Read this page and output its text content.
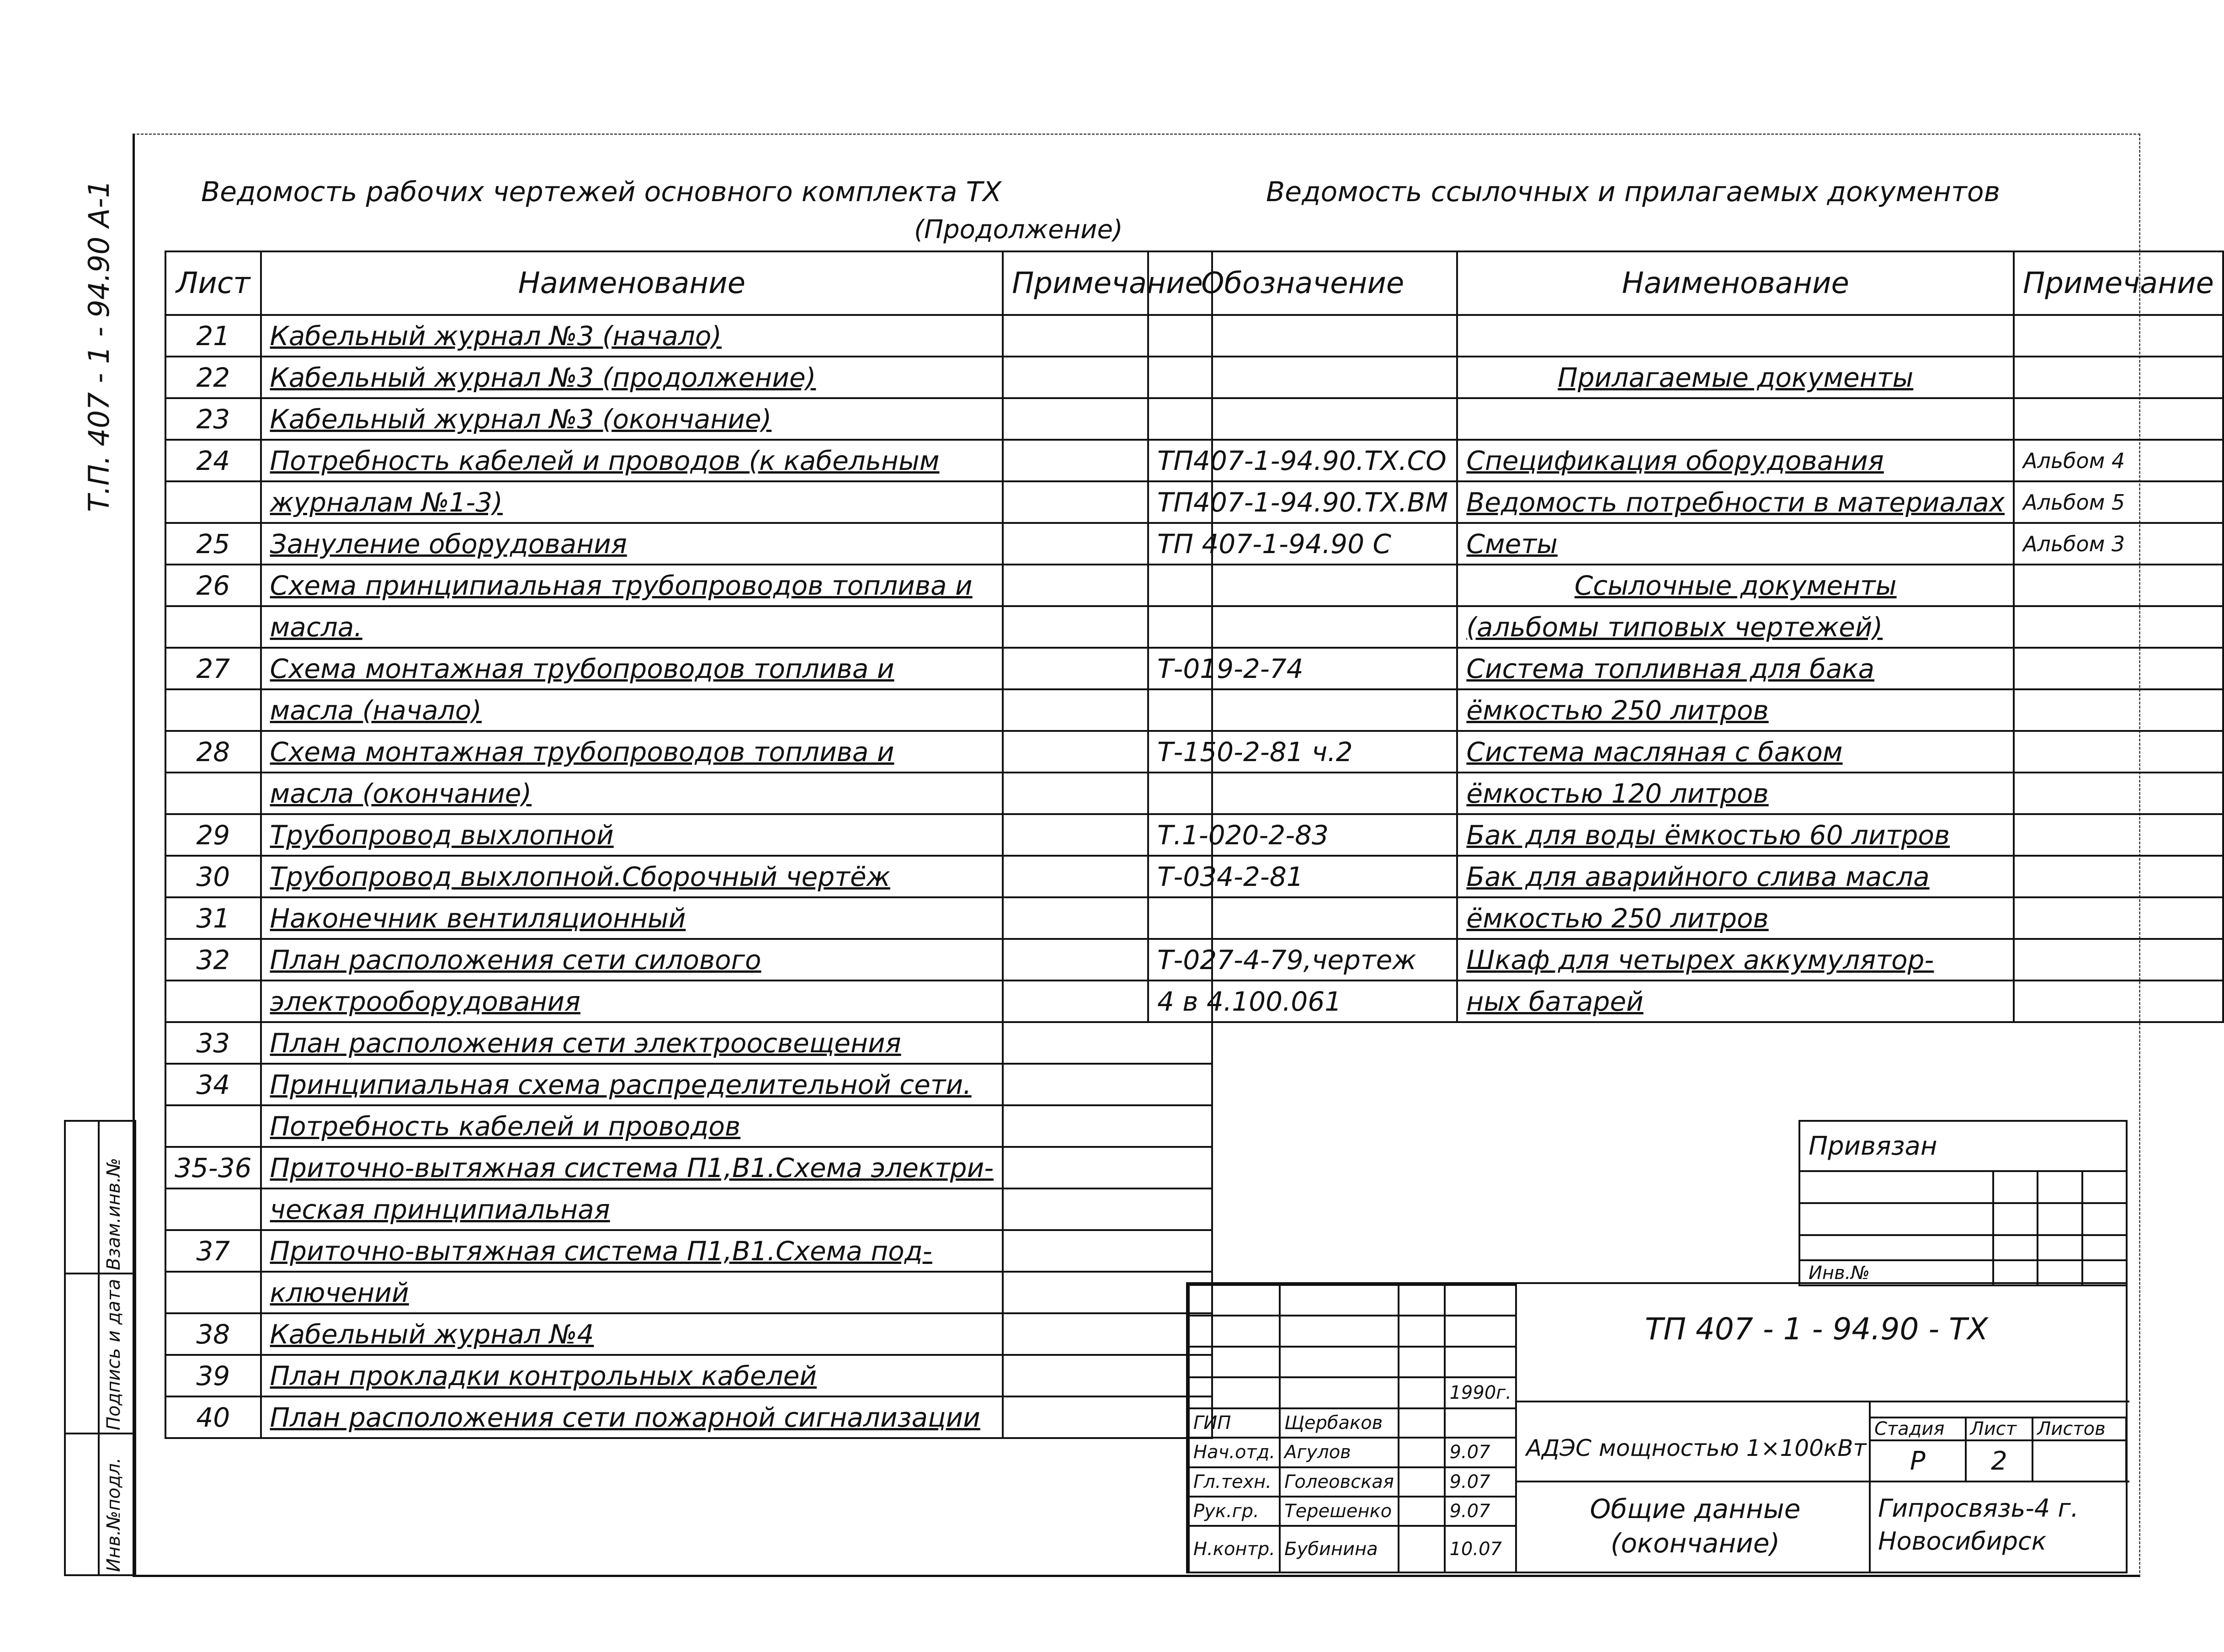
Т.П. 407 - 1 - 94.90 А-1
Инв.№подл.
Подпись и дата
Взам.инв.№
Ведомость рабочих чертежей основного комплекта ТХ
(Продолжение)
Лист	Наименование	Примечание
21	Кабельный журнал №3 (начало)	
22	Кабельный журнал №3 (продолжение)	
23	Кабельный журнал №3 (окончание)	
24	Потребность кабелей и проводов (к кабельным	
	журналам №1-3)	
25	Зануление оборудования	
26	Схема принципиальная трубопроводов топлива и	
	масла.	
27	Схема монтажная трубопроводов топлива и	
	масла (начало)	
28	Схема монтажная трубопроводов топлива и	
	масла (окончание)	
29	Трубопровод выхлопной	
30	Трубопровод выхлопной.Сборочный чертёж	
31	Наконечник вентиляционный	
32	План расположения сети силового	
	электрооборудования	
33	План расположения сети электроосвещения	
34	Принципиальная схема распределительной сети.	
	Потребность кабелей и проводов	
35-36	Приточно-вытяжная система П1,В1.Схема электри-	
	ческая принципиальная	
37	Приточно-вытяжная система П1,В1.Схема под-	
	ключений	
38	Кабельный журнал №4	
39	План прокладки контрольных кабелей	
40	План расположения сети пожарной сигнализации	
Ведомость ссылочных и прилагаемых документов
Обозначение	Наименование	Примечание

	Прилагаемые документы	

ТП407-1-94.90.ТХ.СО	Спецификация оборудования	Альбом 4
ТП407-1-94.90.ТХ.ВМ	Ведомость потребности в материалах	Альбом 5
ТП 407-1-94.90 С	Сметы	Альбом 3
	Ссылочные документы	
	(альбомы типовых чертежей)	
Т-019-2-74	Система топливная для бака	
	ёмкостью 250 литров	
Т-150-2-81 ч.2	Система масляная с баком	
	ёмкостью 120 литров	
Т.1-020-2-83	Бак для воды ёмкостью 60 литров	
Т-034-2-81	Бак для аварийного слива масла	
	ёмкостью 250 литров	
Т-027-4-79,чертеж	Шкаф для четырех аккумулятор-	
4 в 4.100.061	ных батарей	
Привязан			

Инв.№			

			1990г.
ГИП	Щербаков		
Нач.отд.	Агулов		9.07
Гл.техн.	Голеовская		9.07
Рук.гр.	Терешенко		9.07
Н.контр.	Бубинина		10.07
ТП 407 - 1 - 94.90 - ТХ
АДЭС мощностью 1×100кВт
Стадия	Лист	Листов
Р	2	
Общие данные (окончание)
Гипросвязь-4 г. Новосибирск
